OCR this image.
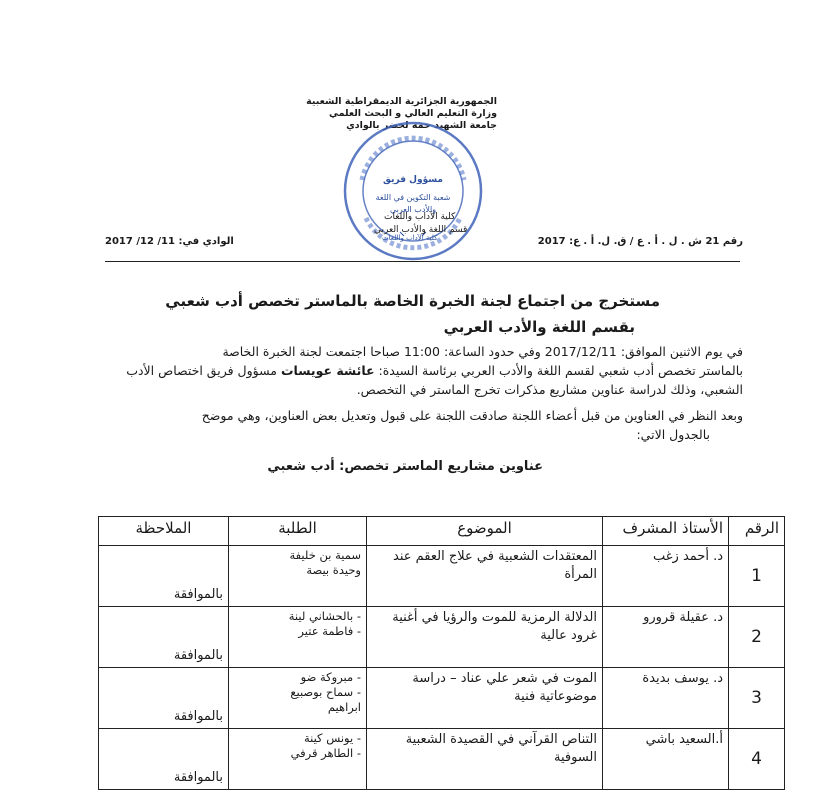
الجمهورية الجزائرية الديمقراطية الشعبية
وزارة التعليم العالي و البحث العلمي
جامعة الشهيد حمه لخضر بالوادي
مسؤول فريق
شعبة التكوين في اللغة
والأدب العربي
كلية الآداب واللغات
كلية الآداب واللغات
قسم اللغة والأدب العربي
رقم 21 ش . ل . أ . ع / ق. ل. أ . ع: 2017
الوادي في: 11/ 12/ 2017
مستخرج من اجتماع لجنة الخبرة الخاصة بالماستر تخصص أدب شعبي
بقسم اللغة والأدب العربي
في يوم الاثنين الموافق: 2017/12/11 وفي حدود الساعة: 11:00 صباحا اجتمعت لجنة الخبرة الخاصة
بالماستر تخصص أدب شعبي لقسم اللغة والأدب العربي برئاسة السيدة: عائشة عويسات مسؤول فريق اختصاص الأدب
الشعبي، وذلك لدراسة عناوين مشاريع مذكرات تخرج الماستر في التخصص.
وبعد النظر في العناوين من قبل أعضاء اللجنة صادقت اللجنة على قبول وتعديل بعض العناوين، وهي موضح
بالجدول الاتي:
عناوين مشاريع الماستر تخصص: أدب شعبي
الرقم	الأستاذ المشرف	الموضوع	الطلبة	الملاحظة
1	د. أحمد زغب	المعتقدات الشعبية في علاج العقم عند المرأة	سمية بن خليفة
وحيدة بيصة	بالموافقة
2	د. عقيلة قرورو	الدلالة الرمزية للموت والرؤيا في أغنية غرود عالية	- بالحشاني لينة
- فاطمة عتير	بالموافقة
3	د. يوسف بديدة	الموت في شعر علي عناد – دراسة موضوعاتية فنية	- مبروكة ضو
- سماح بوصبيع
ابراهيم	بالموافقة
4	أ.السعيد باشي	التناص القرآني في القصيدة الشعبية السوفية	- يونس كينة
- الطاهر قرفي	بالموافقة
